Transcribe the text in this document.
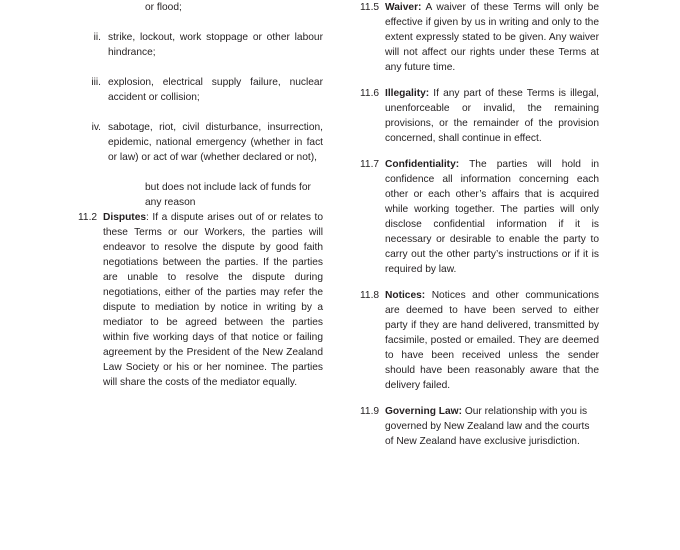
or flood;
ii. strike, lockout, work stoppage or other labour hindrance;
iii. explosion, electrical supply failure, nuclear accident or collision;
iv. sabotage, riot, civil disturbance, insurrection, epidemic, national emergency (whether in fact or law) or act of war (whether declared or not),
but does not include lack of funds for any reason
11.2 Disputes: If a dispute arises out of or relates to these Terms or our Workers, the parties will endeavor to resolve the dispute by good faith negotiations between the parties. If the parties are unable to resolve the dispute during negotiations, either of the parties may refer the dispute to mediation by notice in writing by a mediator to be agreed between the parties within five working days of that notice or failing agreement by the President of the New Zealand Law Society or his or her nominee. The parties will share the costs of the mediator equally.
11.5 Waiver: A waiver of these Terms will only be effective if given by us in writing and only to the extent expressly stated to be given. Any waiver will not affect our rights under these Terms at any future time.
11.6 Illegality: If any part of these Terms is illegal, unenforceable or invalid, the remaining provisions, or the remainder of the provision concerned, shall continue in effect.
11.7 Confidentiality: The parties will hold in confidence all information concerning each other or each other’s affairs that is acquired while working together. The parties will only disclose confidential information if it is necessary or desirable to enable the party to carry out the other party’s instructions or if it is required by law.
11.8 Notices: Notices and other communications are deemed to have been served to either party if they are hand delivered, transmitted by facsimile, posted or emailed. They are deemed to have been received unless the sender should have been reasonably aware that the delivery failed.
11.9 Governing Law: Our relationship with you is governed by New Zealand law and the courts of New Zealand have exclusive jurisdiction.
